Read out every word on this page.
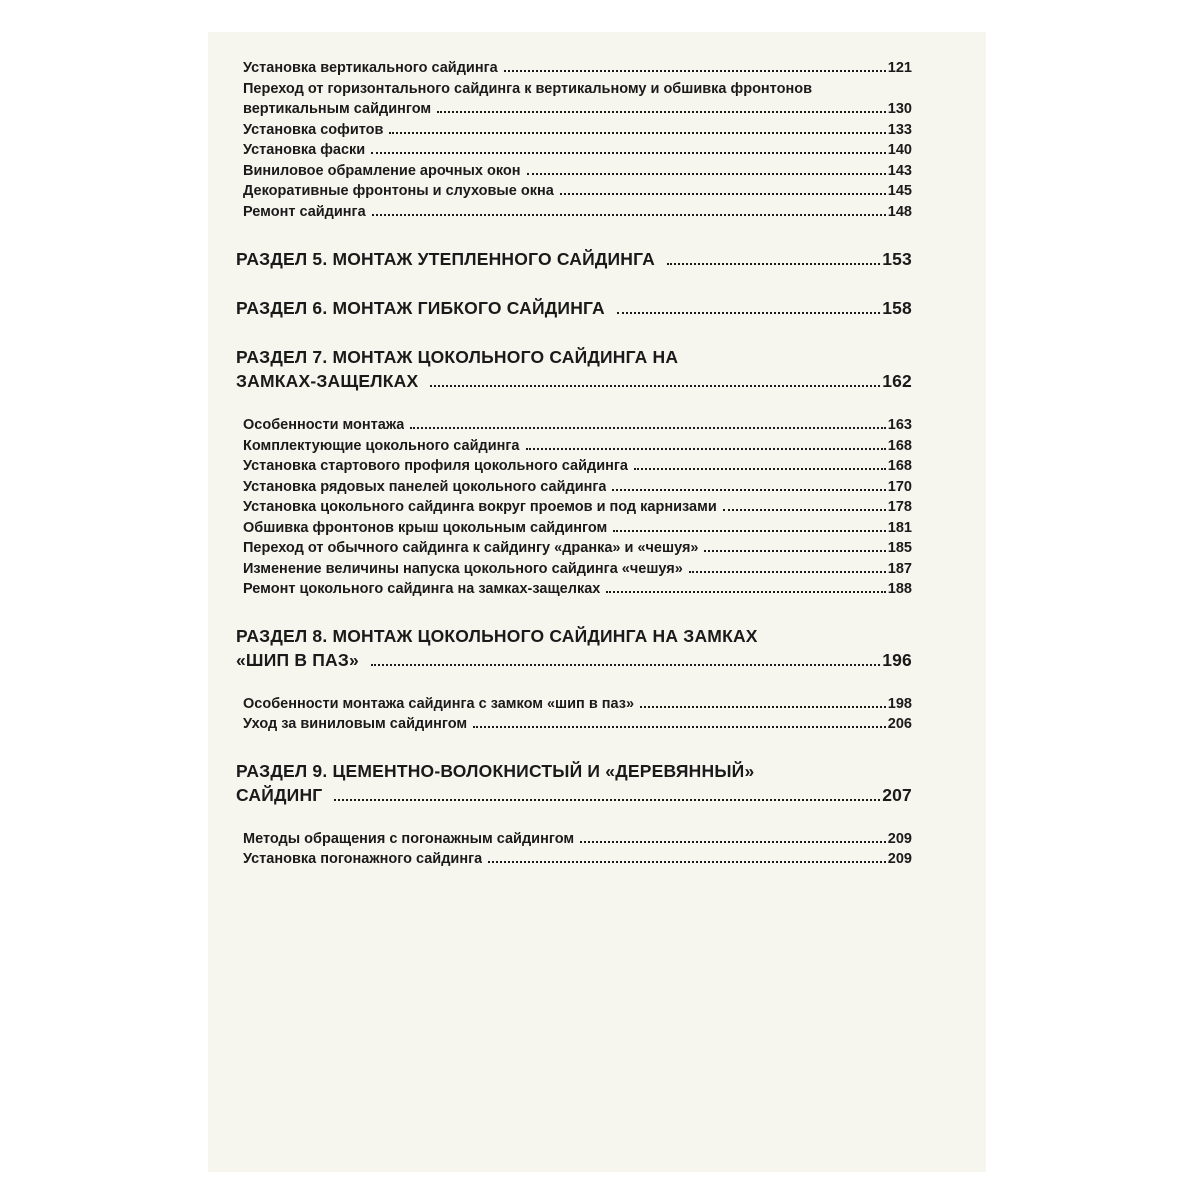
Установка вертикального сайдинга	121
Переход от горизонтального сайдинга к вертикальному и обшивка фронтонов
вертикальным сайдингом	130
Установка софитов	133
Установка фаски	140
Виниловое обрамление арочных окон	143
Декоративные фронтоны и слуховые окна	145
Ремонт сайдинга	148
РАЗДЕЛ 5. МОНТАЖ УТЕПЛЕННОГО САЙДИНГА	153
РАЗДЕЛ 6. МОНТАЖ ГИБКОГО САЙДИНГА	158
РАЗДЕЛ 7. МОНТАЖ ЦОКОЛЬНОГО САЙДИНГА НА
ЗАМКАХ-ЗАЩЕЛКАХ	162
Особенности монтажа	163
Комплектующие цокольного сайдинга	168
Установка стартового профиля цокольного сайдинга	168
Установка рядовых панелей цокольного сайдинга	170
Установка цокольного сайдинга вокруг проемов и под карнизами	178
Обшивка фронтонов крыш цокольным сайдингом	181
Переход от обычного сайдинга к сайдингу «дранка» и «чешуя»	185
Изменение величины напуска цокольного сайдинга «чешуя»	187
Ремонт цокольного сайдинга на замках-защелках	188
РАЗДЕЛ 8. МОНТАЖ ЦОКОЛЬНОГО САЙДИНГА НА ЗАМКАХ
«ШИП В ПАЗ»	196
Особенности монтажа сайдинга с замком «шип в паз»	198
Уход за виниловым сайдингом	206
РАЗДЕЛ 9. ЦЕМЕНТНО-ВОЛОКНИСТЫЙ И «ДЕРЕВЯННЫЙ»
САЙДИНГ	207
Методы обращения с погонажным сайдингом	209
Установка погонажного сайдинга	209
